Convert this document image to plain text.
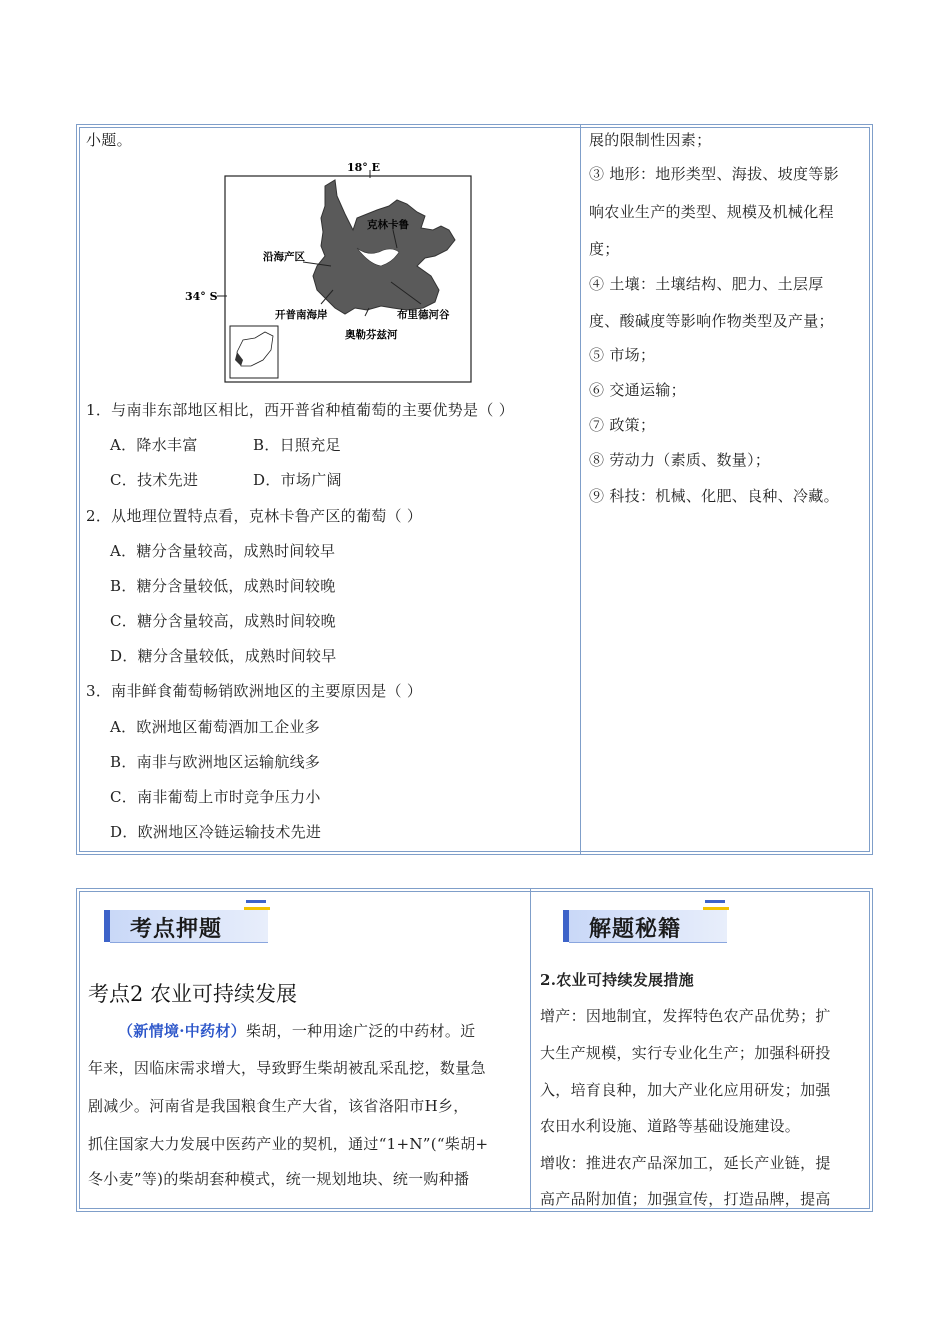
小题。
18° E
34° S
克林卡鲁
沿海产区
开普南海岸	布里德河谷
奥勒芬兹河
1．与南非东部地区相比，西开普省种植葡萄的主要优势是（ ）
A．降水丰富	B．日照充足
C．技术先进	D．市场广阔
2．从地理位置特点看，克林卡鲁产区的葡萄（ ）
A．糖分含量较高，成熟时间较早
B．糖分含量较低，成熟时间较晚
C．糖分含量较高，成熟时间较晚
D．糖分含量较低，成熟时间较早
3．南非鲜食葡萄畅销欧洲地区的主要原因是（ ）
A．欧洲地区葡萄酒加工企业多
B．南非与欧洲地区运输航线多
C．南非葡萄上市时竞争压力小
D．欧洲地区冷链运输技术先进
展的限制性因素；
③ 地形：地形类型、海拔、坡度等影
响农业生产的类型、规模及机械化程
度；
④ 土壤：土壤结构、肥力、土层厚
度、酸碱度等影响作物类型及产量；
⑤ 市场；
⑥ 交通运输；
⑦ 政策；
⑧ 劳动力（素质、数量）；
⑨ 科技：机械、化肥、良种、冷藏。
考点押题	解题秘籍
考点2 农业可持续发展
（新情境·中药材）柴胡，一种用途广泛的中药材。近
年来，因临床需求增大，导致野生柴胡被乱采乱挖，数量急
剧减少。河南省是我国粮食生产大省，该省洛阳市H乡，
抓住国家大力发展中医药产业的契机，通过“1+N”(“柴胡+
冬小麦”等)的柴胡套种模式，统一规划地块、统一购种播
2.农业可持续发展措施
增产：因地制宜，发挥特色农产品优势；扩
大生产规模，实行专业化生产；加强科研投
入，培育良种，加大产业化应用研发；加强
农田水利设施、道路等基础设施建设。
增收：推进农产品深加工，延长产业链，提
高产品附加值；加强宣传，打造品牌，提高
